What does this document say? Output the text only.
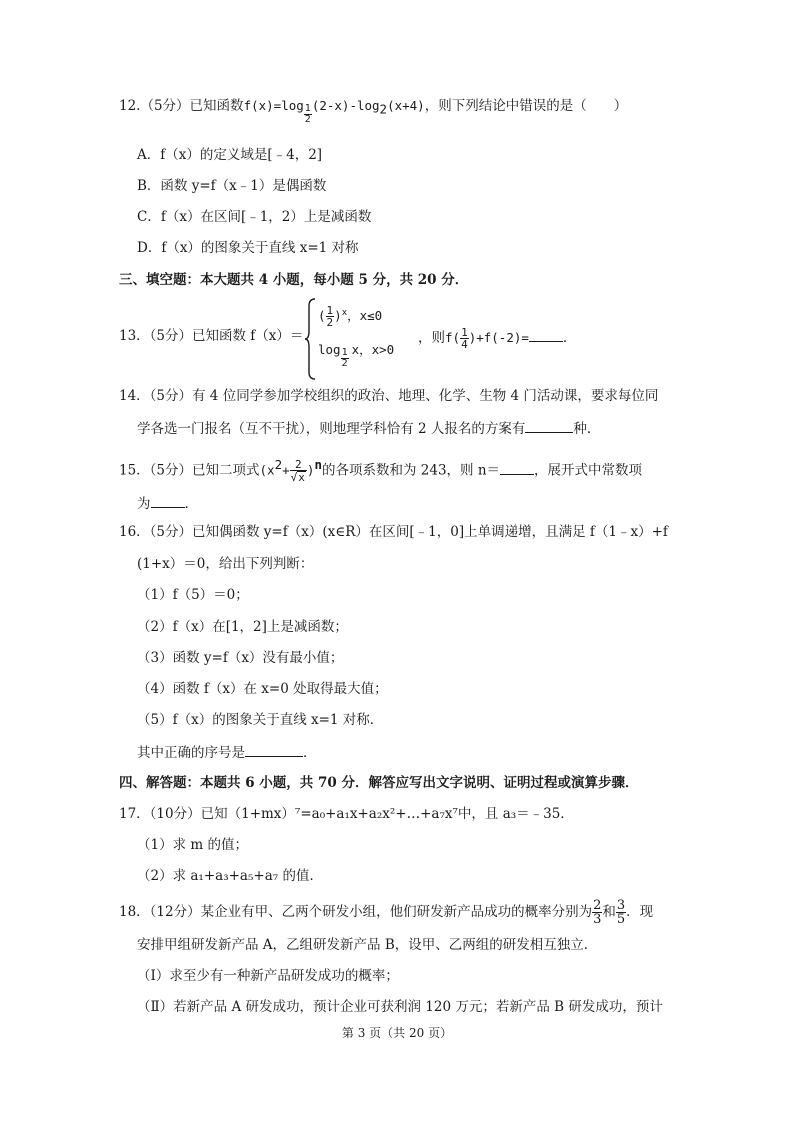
12.（5分）已知函数$f(x)=\log \frac{1}{2} (2-x)-\log_2(x+4)$，则下列结论中错误的是（　　）
A．f（x）的定义域是[﹣4，2]
B．函数 y=f（x﹣1）是偶函数
C．f（x）在区间[﹣1，2）上是减函数
D．f（x）的图象关于直线 x=1 对称
三、填空题：本大题共 4 小题，每小题 5 分，共 20 分．
13．（5分）已知函数 f（x）＝
( $\frac{1}{2} )^x$，x≤0
$\log \frac{1}{2}$ x，x>0
，则$f( \frac{1}{4} )+f(-2)=$	．
14．（5分）有 4 位同学参加学校组织的政治、地理、化学、生物 4 门活动课，要求每位同
学各选一门报名（互不干扰），则地理学科恰有 2 人报名的方案有	种．
15．（5分）已知二项式$(x^2+ \frac{2}{√x} )^n$的各项系数和为 243，则 n＝	，展开式中常数项
为	．
16．（5分）已知偶函数 y=f（x）(x∈R）在区间[﹣1，0]上单调递增，且满足 f（1﹣x）+f
(1+x）＝0，给出下列判断：
（1）f（5）＝0；
（2）f（x）在[1，2]上是减函数；
（3）函数 y=f（x）没有最小值；
（4）函数 f（x）在 x=0 处取得最大值；
（5）f（x）的图象关于直线 x=1 对称．
其中正确的序号是	．
四、解答题：本题共 6 小题，共 70 分．解答应写出文字说明、证明过程或演算步骤．
17．（10分）已知（1+mx）⁷=a₀+a₁x+a₂x²+…+a₇x⁷中，且 a₃＝﹣35．
（1）求 m 的值；
（2）求 a₁+a₃+a₅+a₇ 的值．
18．（12分）某企业有甲、乙两个研发小组，他们研发新产品成功的概率分别为 $\frac{2}{3}$ 和 $\frac{3}{5}$ ．现
安排甲组研发新产品 A，乙组研发新产品 B，设甲、乙两组的研发相互独立．
（Ⅰ）求至少有一种新产品研发成功的概率；
（Ⅱ）若新产品 A 研发成功，预计企业可获利润 120 万元；若新产品 B 研发成功，预计
第 3 页（共 20 页）
